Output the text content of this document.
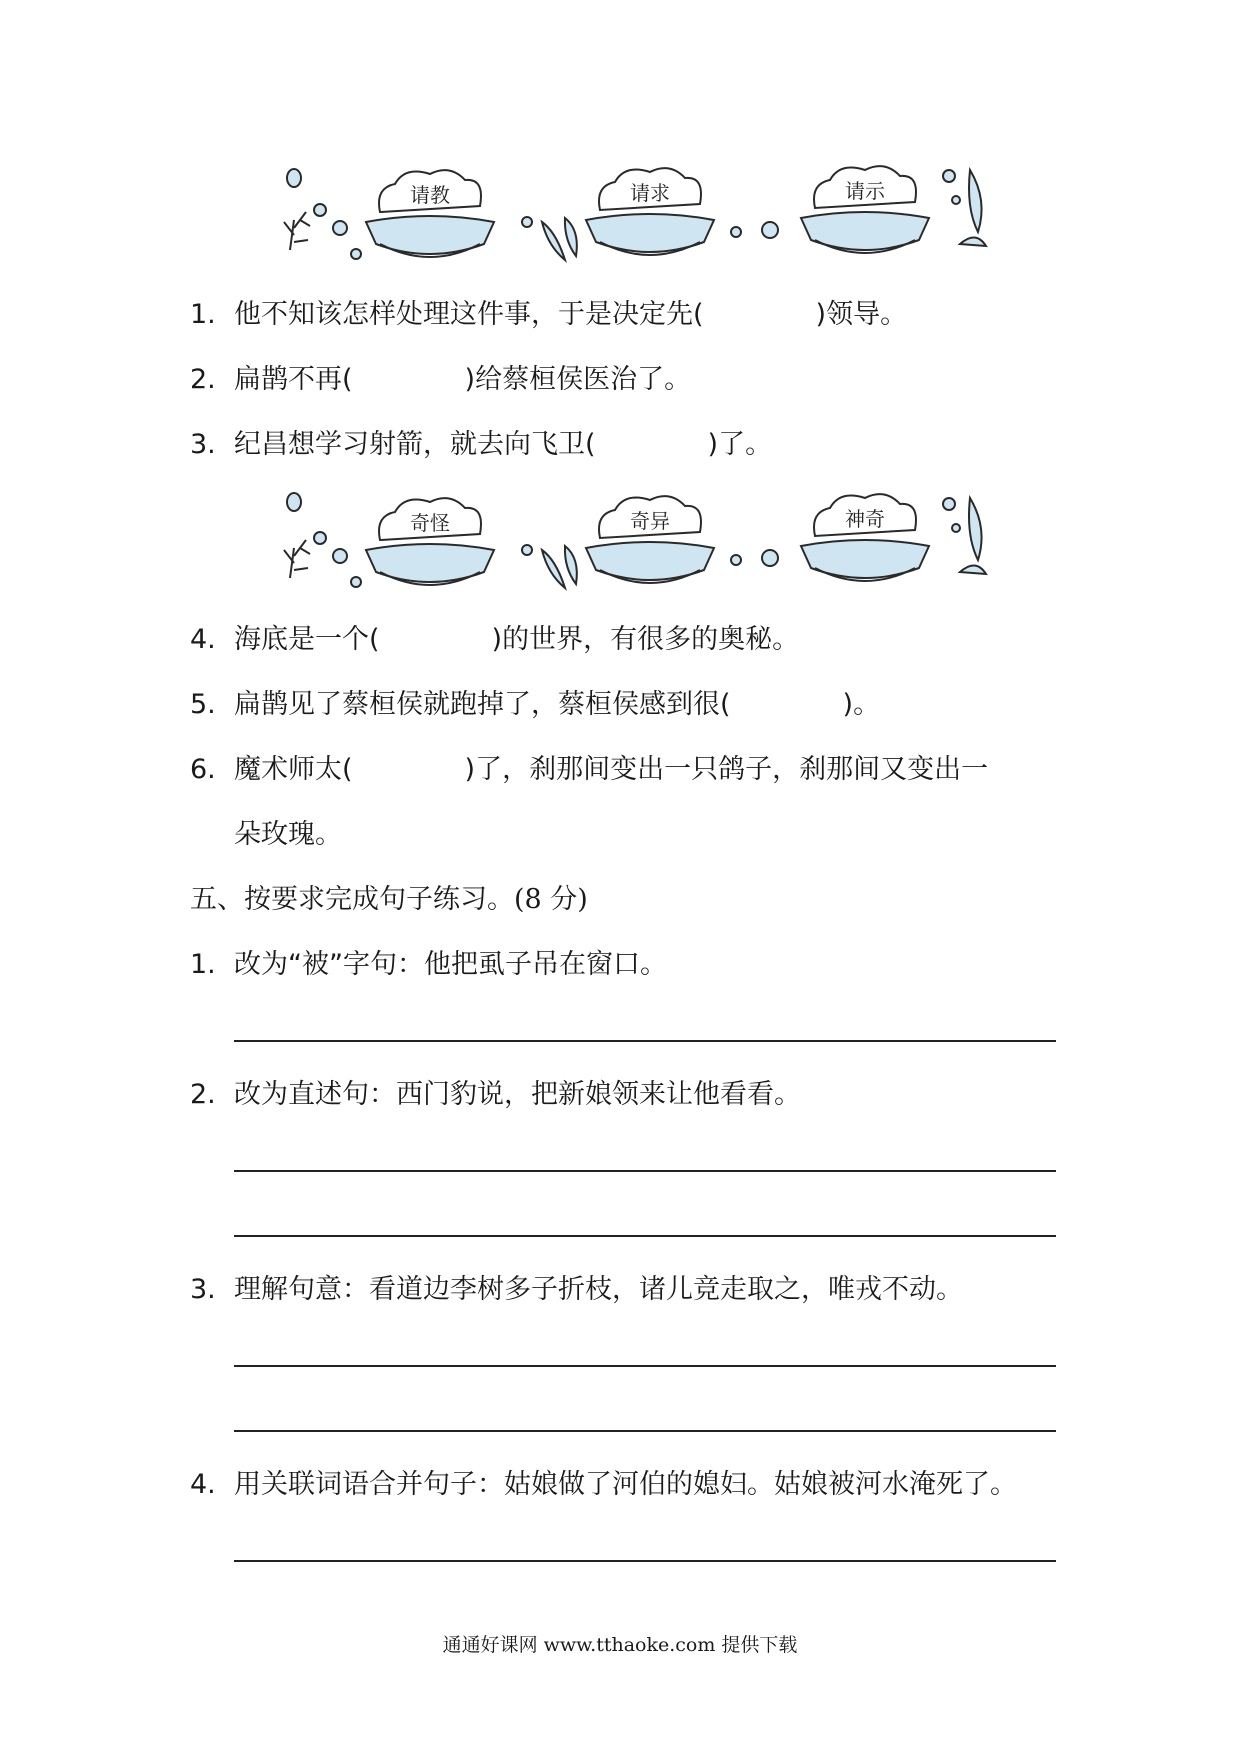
请教	请求	请示
1. 他不知该怎样处理这件事，于是决定先(	)领导。
2. 扁鹊不再(	)给蔡桓侯医治了。
3. 纪昌想学习射箭，就去向飞卫(	)了。
奇怪	奇异	神奇
4. 海底是一个(	)的世界，有很多的奥秘。
5. 扁鹊见了蔡桓侯就跑掉了，蔡桓侯感到很(	)。
6. 魔术师太(	)了，刹那间变出一只鸽子，刹那间又变出一
朵玫瑰。
五、按要求完成句子练习。(8 分)
1. 改为“被”字句：他把虱子吊在窗口。
2. 改为直述句：西门豹说，把新娘领来让他看看。
3. 理解句意：看道边李树多子折枝，诸儿竞走取之，唯戎不动。
4. 用关联词语合并句子：姑娘做了河伯的媳妇。姑娘被河水淹死了。
通通好课网 www.tthaoke.com 提供下载
